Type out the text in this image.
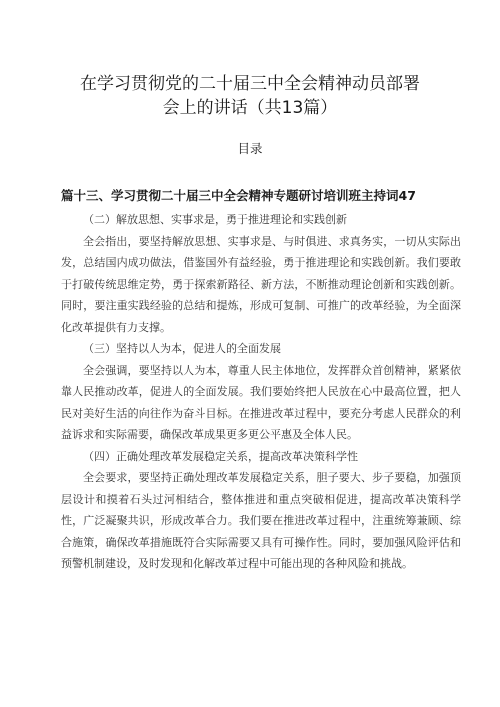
在学习贯彻党的二十届三中全会精神动员部署
会上的讲话（共13篇）
目录
篇十三、学习贯彻二十届三中全会精神专题研讨培训班主持词47

（二）解放思想、实事求是，勇于推进理论和实践创新

全会指出，要坚持解放思想、实事求是、与时俱进、求真务实，一切从实际出发，总结国内成功做法，借鉴国外有益经验，勇于推进理论和实践创新。我们要敢于打破传统思维定势，勇于探索新路径、新方法，不断推动理论创新和实践创新。同时，要注重实践经验的总结和提炼，形成可复制、可推广的改革经验，为全面深化改革提供有力支撑。

（三）坚持以人为本，促进人的全面发展

全会强调，要坚持以人为本，尊重人民主体地位，发挥群众首创精神，紧紧依靠人民推动改革，促进人的全面发展。我们要始终把人民放在心中最高位置，把人民对美好生活的向往作为奋斗目标。在推进改革过程中，要充分考虑人民群众的利益诉求和实际需要，确保改革成果更多更公平惠及全体人民。

（四）正确处理改革发展稳定关系，提高改革决策科学性

全会要求，要坚持正确处理改革发展稳定关系，胆子要大、步子要稳，加强顶层设计和摸着石头过河相结合，整体推进和重点突破相促进，提高改革决策科学性，广泛凝聚共识，形成改革合力。我们要在推进改革过程中，注重统筹兼顾、综合施策，确保改革措施既符合实际需要又具有可操作性。同时，要加强风险评估和预警机制建设，及时发现和化解改革过程中可能出现的各种风险和挑战。
